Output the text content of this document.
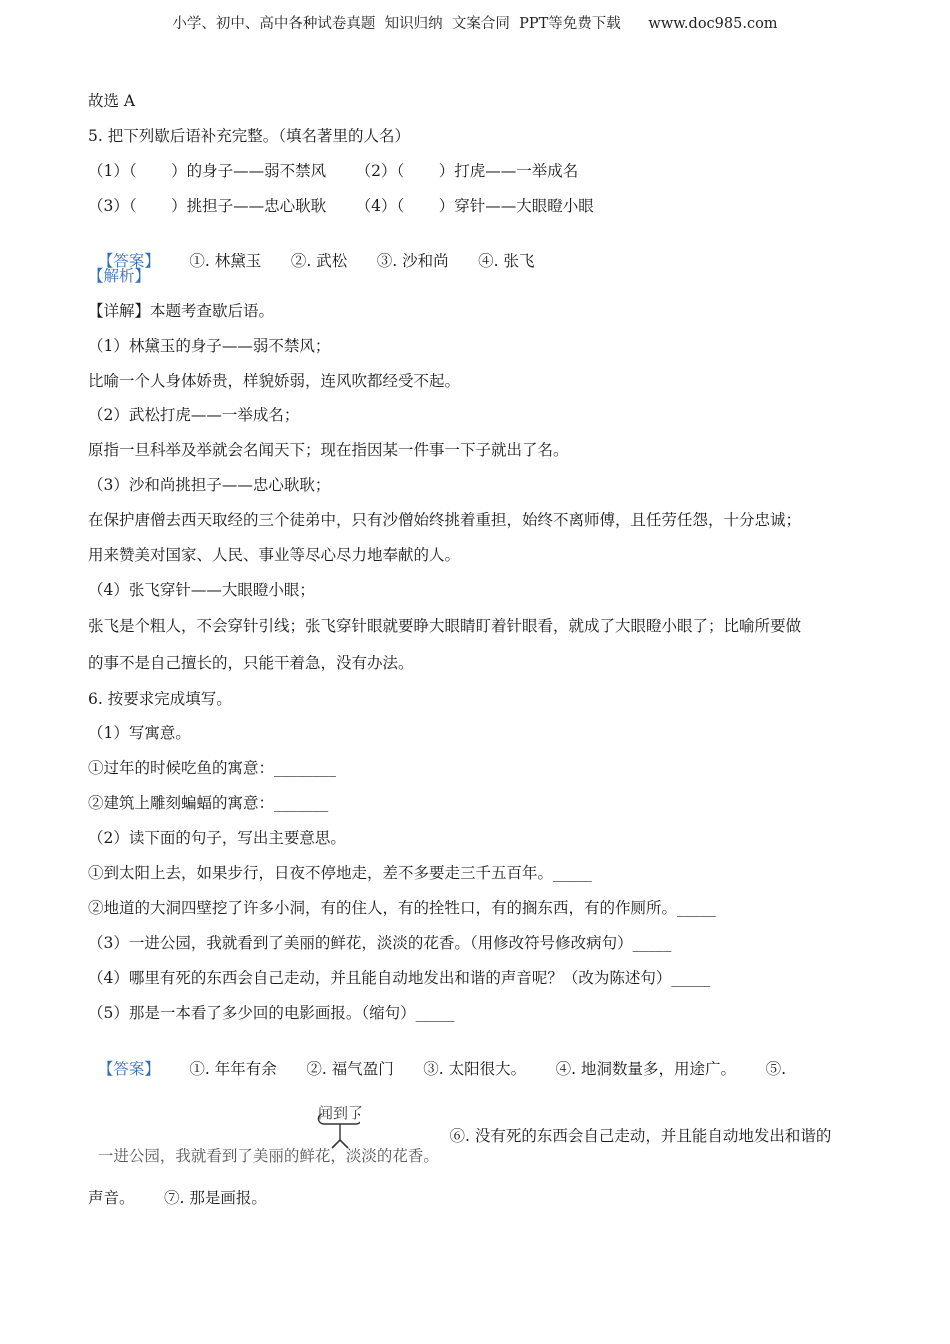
小学、初中、高中各种试卷真题  知识归纳  文案合同  PPT等免费下载      www.doc985.com
故选 A
5. 把下列歇后语补充完整。（填名著里的人名）
（1）（       ）的身子——弱不禁风      （2）（       ）打虎——一举成名
（3）（       ）挑担子——忠心耿耿      （4）（       ）穿针——大眼瞪小眼

【答案】      ①. 林黛玉      ②. 武松      ③. 沙和尚      ④. 张飞

【解析】
【详解】本题考查歇后语。
（1）林黛玉的身子——弱不禁风；
比喻一个人身体娇贵，样貌娇弱，连风吹都经受不起。
（2）武松打虎——一举成名；
原指一旦科举及举就会名闻天下；现在指因某一件事一下子就出了名。
（3）沙和尚挑担子——忠心耿耿；
在保护唐僧去西天取经的三个徒弟中，只有沙僧始终挑着重担，始终不离师傅，且任劳任怨，十分忠诚；
用来赞美对国家、人民、事业等尽心尽力地奉献的人。
（4）张飞穿针——大眼瞪小眼；
张飞是个粗人，不会穿针引线；张飞穿针眼就要睁大眼睛盯着针眼看，就成了大眼瞪小眼了；比喻所要做
的事不是自己擅长的，只能干着急，没有办法。
6. 按要求完成填写。
（1）写寓意。
①过年的时候吃鱼的寓意：________
②建筑上雕刻蝙蝠的寓意：_______
（2）读下面的句子，写出主要意思。
①到太阳上去，如果步行，日夜不停地走，差不多要走三千五百年。_____
②地道的大洞四壁挖了许多小洞，有的住人，有的拴牲口，有的搁东西，有的作厕所。_____
（3）一进公园，我就看到了美丽的鲜花，淡淡的花香。（用修改符号修改病句）_____
（4）哪里有死的东西会自己走动，并且能自动地发出和谐的声音呢？（改为陈述句）_____
（5）那是一本看了多少回的电影画报。（缩句）_____

【答案】      ①. 年年有余      ②. 福气盈门      ③. 太阳很大。      ④. 地洞数量多，用途广。      ⑤.

闻到了

一进公园，我就看到了美丽的鲜花，淡淡的花香。

⑥. 没有死的东西会自己走动，并且能自动地发出和谐的
声音。      ⑦. 那是画报。
